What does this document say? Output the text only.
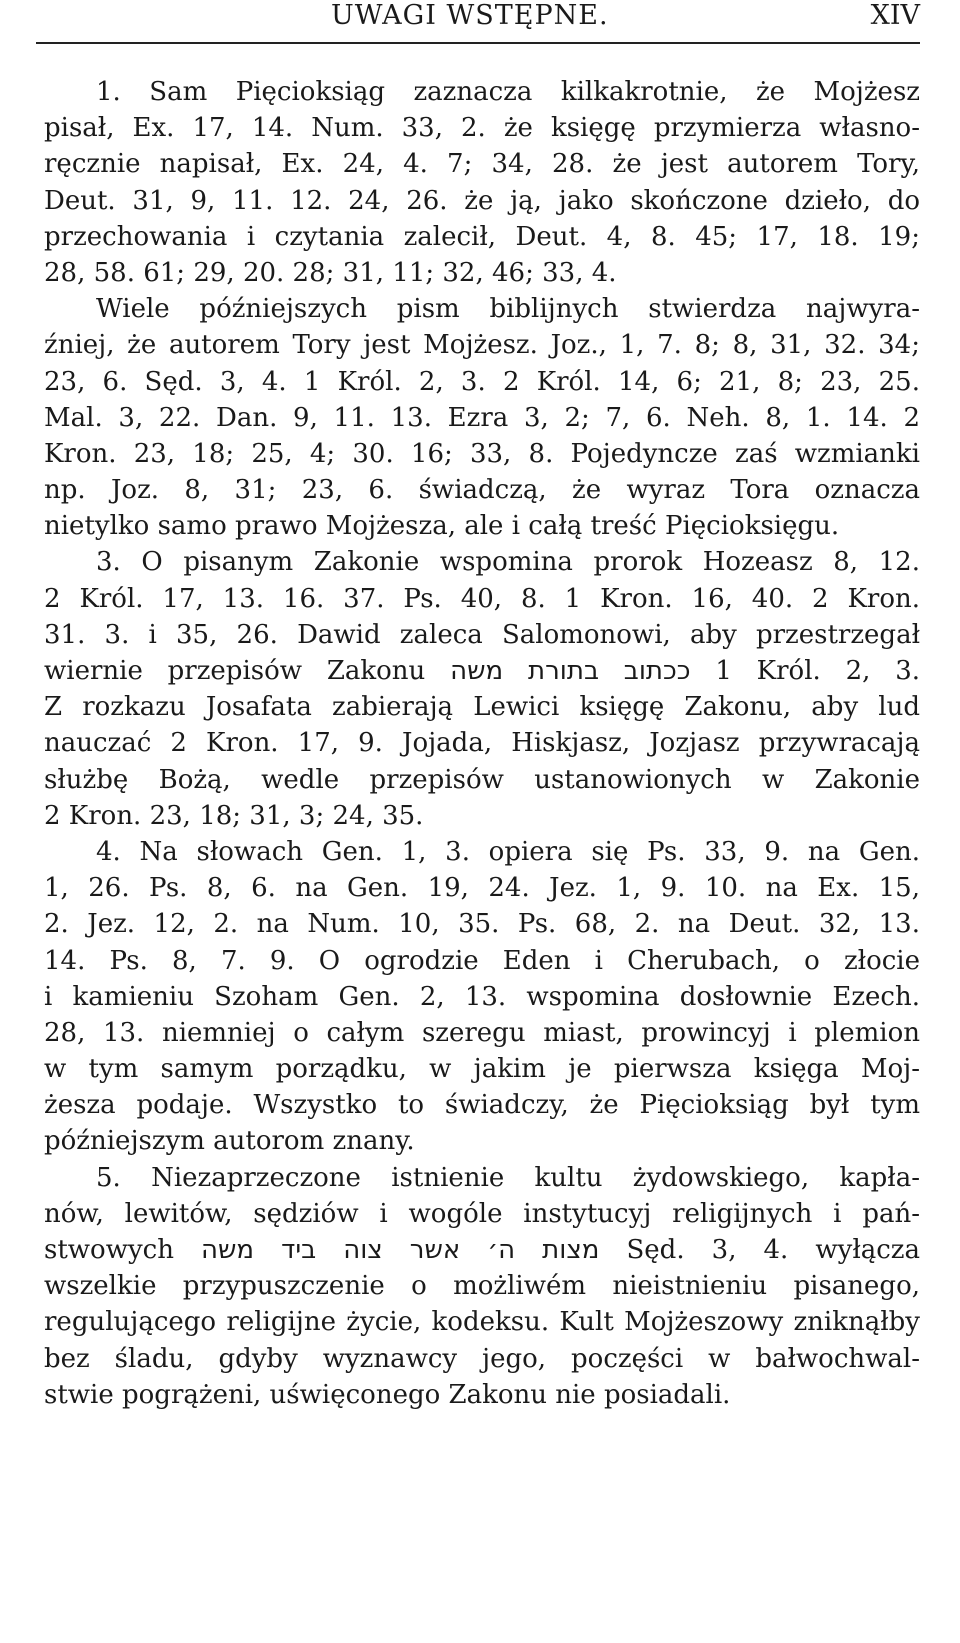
UWAGI WSTĘPNE.	XIV
1. Sam Pięcioksiąg zaznacza kilkakrotnie, że Mojżesz
pisał, Ex. 17, 14. Num. 33, 2. że księgę przymierza własno-
ręcznie napisał, Ex. 24, 4. 7; 34, 28. że jest autorem Tory,
Deut. 31, 9, 11. 12. 24, 26. że ją, jako skończone dzieło, do
przechowania i czytania zalecił, Deut. 4, 8. 45; 17, 18. 19;
28, 58. 61; 29, 20. 28; 31, 11; 32, 46; 33, 4.
Wiele późniejszych pism biblijnych stwierdza najwyra-
źniej, że autorem Tory jest Mojżesz. Joz., 1, 7. 8; 8, 31, 32. 34;
23, 6. Sęd. 3, 4. 1 Król. 2, 3. 2 Król. 14, 6; 21, 8; 23, 25.
Mal. 3, 22. Dan. 9, 11. 13. Ezra 3, 2; 7, 6. Neh. 8, 1. 14. 2
Kron. 23, 18; 25, 4; 30. 16; 33, 8. Pojedyncze zaś wzmianki
np. Joz. 8, 31; 23, 6. świadczą, że wyraz Tora oznacza
nietylko samo prawo Mojżesza, ale i całą treść Pięcioksięgu.
3. O pisanym Zakonie wspomina prorok Hozeasz 8, 12.
2 Król. 17, 13. 16. 37. Ps. 40, 8. 1 Kron. 16, 40. 2 Kron.
31. 3. i 35, 26. Dawid zaleca Salomonowi, aby przestrzegał
wiernie przepisów Zakonu ככתוב בתורת משה 1 Król. 2, 3.
Z rozkazu Josafata zabierają Lewici księgę Zakonu, aby lud
nauczać 2 Kron. 17, 9. Jojada, Hiskjasz, Jozjasz przywracają
służbę Bożą, wedle przepisów ustanowionych w Zakonie
2 Kron. 23, 18; 31, 3; 24, 35.
4. Na słowach Gen. 1, 3. opiera się Ps. 33, 9. na Gen.
1, 26. Ps. 8, 6. na Gen. 19, 24. Jez. 1, 9. 10. na Ex. 15,
2. Jez. 12, 2. na Num. 10, 35. Ps. 68, 2. na Deut. 32, 13.
14. Ps. 8, 7. 9. O ogrodzie Eden i Cherubach, o złocie
i kamieniu Szoham Gen. 2, 13. wspomina dosłownie Ezech.
28, 13. niemniej o całym szeregu miast, prowincyj i plemion
w tym samym porządku, w jakim je pierwsza księga Moj-
żesza podaje. Wszystko to świadczy, że Pięcioksiąg był tym
późniejszym autorom znany.
5. Niezaprzeczone istnienie kultu żydowskiego, kapła-
nów, lewitów, sędziów i wogóle instytucyj religijnych i pań-
stwowych מצות ה׳ אשר צוה ביד משה Sęd. 3, 4. wyłącza
wszelkie przypuszczenie o możliwém nieistnieniu pisanego,
regulującego religijne życie, kodeksu. Kult Mojżeszowy zniknąłby
bez śladu, gdyby wyznawcy jego, poczęści w bałwochwal-
stwie pogrążeni, uświęconego Zakonu nie posiadali.
